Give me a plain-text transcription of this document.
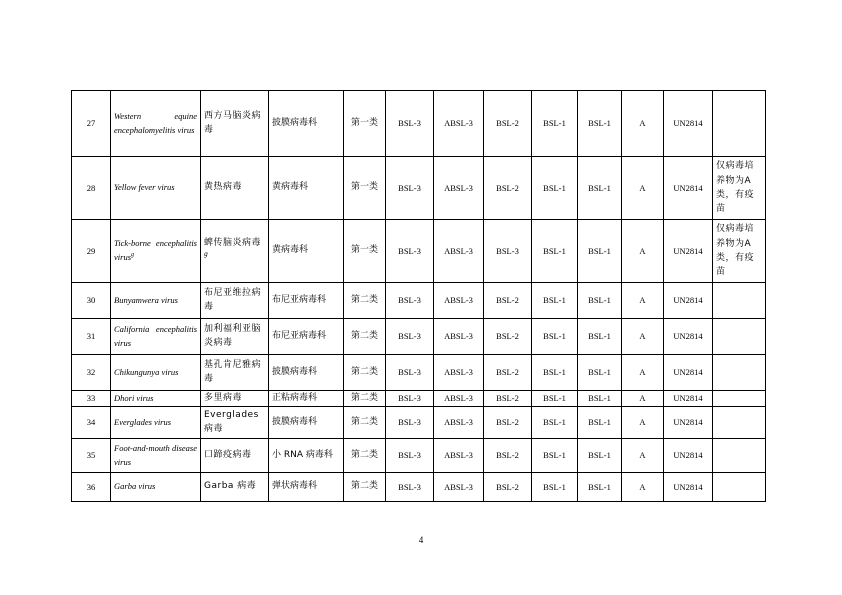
27	Western equine encephalomyelitis virus	西方马脑炎病毒	披膜病毒科	第一类	BSL-3	ABSL-3	BSL-2	BSL-1	BSL-1	A	UN2814	
28	Yellow fever virus	黄热病毒	黄病毒科	第一类	BSL-3	ABSL-3	BSL-2	BSL-1	BSL-1	A	UN2814	仅病毒培养物为A类，有疫苗
29	Tick-borne encephalitis virus$^g$	蜱传脑炎病毒$^g$	黄病毒科	第一类	BSL-3	ABSL-3	BSL-3	BSL-1	BSL-1	A	UN2814	仅病毒培养物为A类，有疫苗
30	Bunyamwera virus	布尼亚维拉病毒	布尼亚病毒科	第二类	BSL-3	ABSL-3	BSL-2	BSL-1	BSL-1	A	UN2814	
31	California encephalitis virus	加利福利亚脑炎病毒	布尼亚病毒科	第二类	BSL-3	ABSL-3	BSL-2	BSL-1	BSL-1	A	UN2814	
32	Chikungunya virus	基孔肯尼雅病毒	披膜病毒科	第二类	BSL-3	ABSL-3	BSL-2	BSL-1	BSL-1	A	UN2814	
33	Dhori virus	多里病毒	正粘病毒科	第二类	BSL-3	ABSL-3	BSL-2	BSL-1	BSL-1	A	UN2814	
34	Everglades virus	Everglades 病毒	披膜病毒科	第二类	BSL-3	ABSL-3	BSL-2	BSL-1	BSL-1	A	UN2814	
35	Foot-and-mouth disease virus	口蹄疫病毒	小 RNA 病毒科	第二类	BSL-3	ABSL-3	BSL-2	BSL-1	BSL-1	A	UN2814	
36	Garba virus	Garba 病毒	弹状病毒科	第二类	BSL-3	ABSL-3	BSL-2	BSL-1	BSL-1	A	UN2814	
4
